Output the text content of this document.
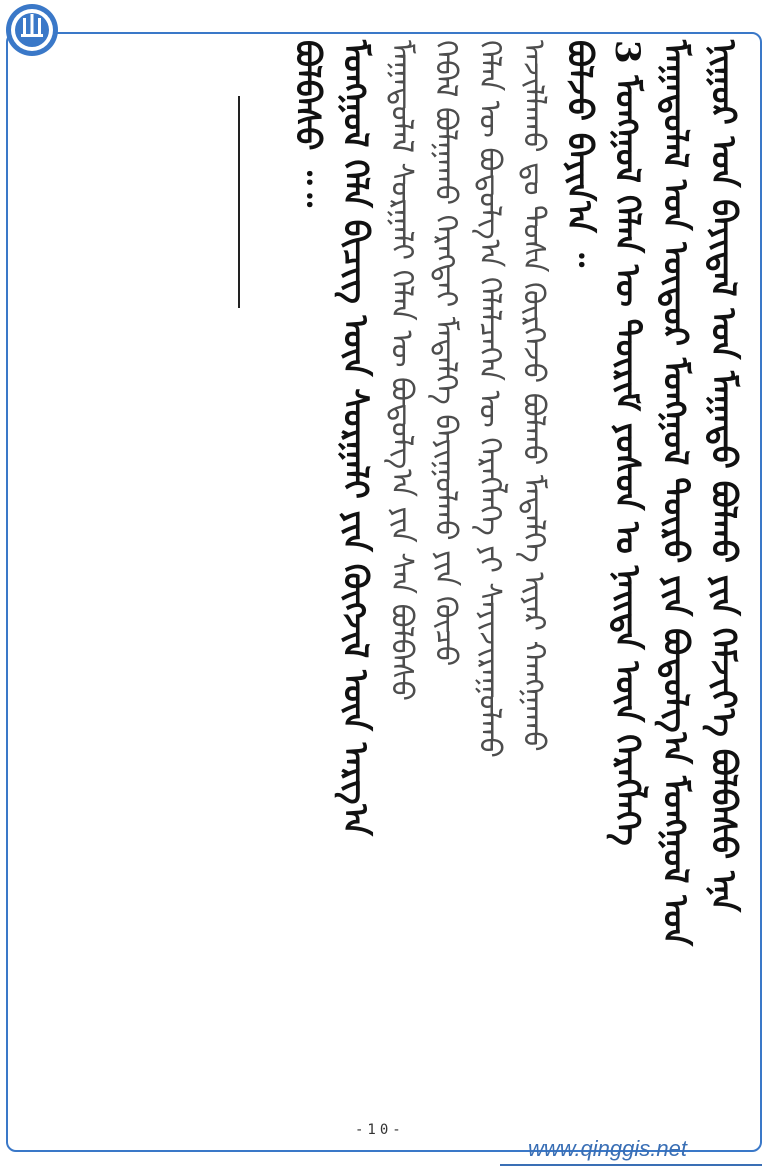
ᠨᠢᠭᠤᠷ ᠤᠨ ᠪᠠᠶᠢᠳᠠᠯ ᠤᠨ ᠮᠠᠭᠠᠳᠤ ᠪᠣᠯᠬᠤ ᠶᠢᠨ ᠬᠡᠮᠵᠢᠶ᠎ᠡ ᠪᠣᠯᠪᠠᠰᠤ ᠡᠨᠡ
ᠮᠠᠭᠠᠳᠤᠯᠠᠯ ᠤᠨ ᠦᠳᠦᠷ ᠮᠣᠩᠭᠣᠯ ᠲᠦᠷᠦ ᠶᠢᠨ ᠪᠣᠳᠤᠯᠭ᠎ᠠ ᠮᠣᠩᠭᠣᠯ ᠤᠨ
3 ᠮᠣᠩᠭᠣᠯ ᠬᠡᠯᠡᠨ ᠦ ᠳᠦᠷᠢᠮ ᠶᠣᠰᠣᠨ ᠤ ᠨᠡᠢᠲᠡ ᠦᠨ ᠬᠡᠷᠡᠭᠯᠡᠭᠡ
ᠪᠣᠯᠵᠤ ᠪᠠᠶᠢᠨ᠎ᠠ ᠃
ᠠᠵᠢᠯᠯᠠᠬᠤ ᠳᠤ ᠲᠤᠰᠠ ᠬᠦᠷᠭᠡᠵᠦ ᠪᠣᠯᠬᠤ ᠮᠡᠳᠡᠯᠭᠡ ᠢᠶᠡᠷ ᠬᠠᠩᠭᠠᠬᠤ
ᠬᠡᠯᠡᠨ ᠦ ᠪᠣᠳᠤᠯᠭ᠎ᠠ ᠬᠡᠯᠡᠯᠴᠡᠭᠡᠨ ᠦ ᠬᠡᠷᠡᠭᠯᠡᠭᠡ ᠶᠢ ᠰᠠᠶᠢᠵᠢᠷᠠᠭᠤᠯᠬᠤ
ᠬᠡᠪᠡᠯ ᠪᠣᠯᠭᠠᠬᠤ ᠬᠡᠷᠡᠭᠲᠡᠢ ᠮᠡᠳᠡᠯᠭᠡ ᠪᠠᠶᠢᠭᠤᠯᠬᠤ ᠶᠢᠨ ᠬᠦᠴᠦ
ᠮᠠᠭᠠᠳᠤᠯᠠᠯ ᠰᠤᠷᠭᠠᠯᠢ ᠬᠡᠯᠡᠨ ᠦ ᠪᠣᠳᠤᠯᠭ᠎ᠠ ᠶᠢᠨ ᠰᠠᠨ ᠪᠣᠯᠪᠠᠰᠤ
ᠮᠣᠩᠭᠣᠯ ᠬᠡᠯᠡ ᠪᠢᠴᠢᠭ ᠦᠨ ᠰᠤᠷᠭᠠᠯᠢ ᠶᠢᠨ ᠬᠥᠭᠵᠢᠯ ᠦᠨ ᠠᠷᠭ᠎ᠠ
ᠪᠣᠯᠪᠠᠰᠤ ᠃᠃
-10-
www.qinggis.net
